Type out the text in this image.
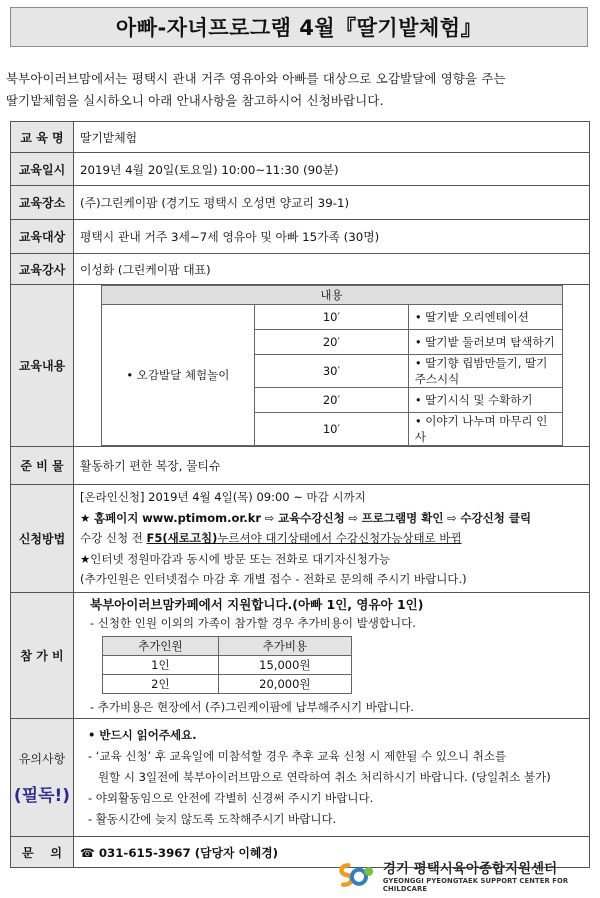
아빠-자녀프로그램 4월『딸기밭체험』
북부아이러브맘에서는 평택시 관내 거주 영유아와 아빠를 대상으로 오감발달에 영향을 주는
딸기밭체험을 실시하오니 아래 안내사항을 참고하시어 신청바랍니다.
교 육 명	딸기밭체험
교육일시	2019년 4월 20일(토요일) 10:00~11:30 (90분)
교육장소	(주)그린케이팜 (경기도 평택시 오성면 양교리 39-1)
교육대상	평택시 관내 거주 3세~7세 영유아 및 아빠 15가족 (30명)
교육강사	이성화 (그린케이팜 대표)
교육내용	
내용
• 오감발달 체험놀이	10′	• 딸기밭 오리엔테이션
20′	• 딸기밭 둘러보며 탐색하기
30′	• 딸기향 립밤만들기, 딸기주스시식
20′	• 딸기시식 및 수확하기
10′	• 이야기 나누며 마무리 인사

준 비 물	활동하기 편한 복장, 물티슈
신청방법	
[온라인신청] 2019년 4월 4일(목) 09:00 ~ 마감 시까지
★ 홈페이지 www.ptimom.or.kr ⇨ 교육수강신청 ⇨ 프로그램명 확인 ⇨ 수강신청 클릭
수강 신청 전 F5(새로고침)누르셔야 대기상태에서 수강신청가능상태로 바뀜
★인터넷 정원마감과 동시에 방문 또는 전화로 대기자신청가능
(추가인원은 인터넷접수 마감 후 개별 접수 - 전화로 문의해 주시기 바랍니다.)

참 가 비	
북부아이러브맘카페에서 지원합니다.(아빠 1인, 영유아 1인)
- 신청한 인원 이외의 가족이 참가할 경우 추가비용이 발생합니다.
추가인원	추가비용
1인	15,000원
2인	20,000원
- 추가비용은 현장에서 (주)그린케이팜에 납부해주시기 바랍니다.

유의사항
(필독!)

• 반드시 읽어주세요.
- ‘교육 신청’ 후 교육일에 미참석할 경우 추후 교육 신청 시 제한될 수 있으니 취소를
원할 시 3일전에 북부아이러브맘으로 연락하여 취소 처리하시기 바랍니다. (당일취소 불가)
- 야외활동임으로 안전에 각별히 신경써 주시기 바랍니다.
- 활동시간에 늦지 않도록 도착해주시기 바랍니다.

문    의	☎ 031-615-3967 (담당자 이혜경)
경기 평택시육아종합지원센터
GYEONGGI PYEONGTAEK SUPPORT CENTER FOR CHILDCARE
